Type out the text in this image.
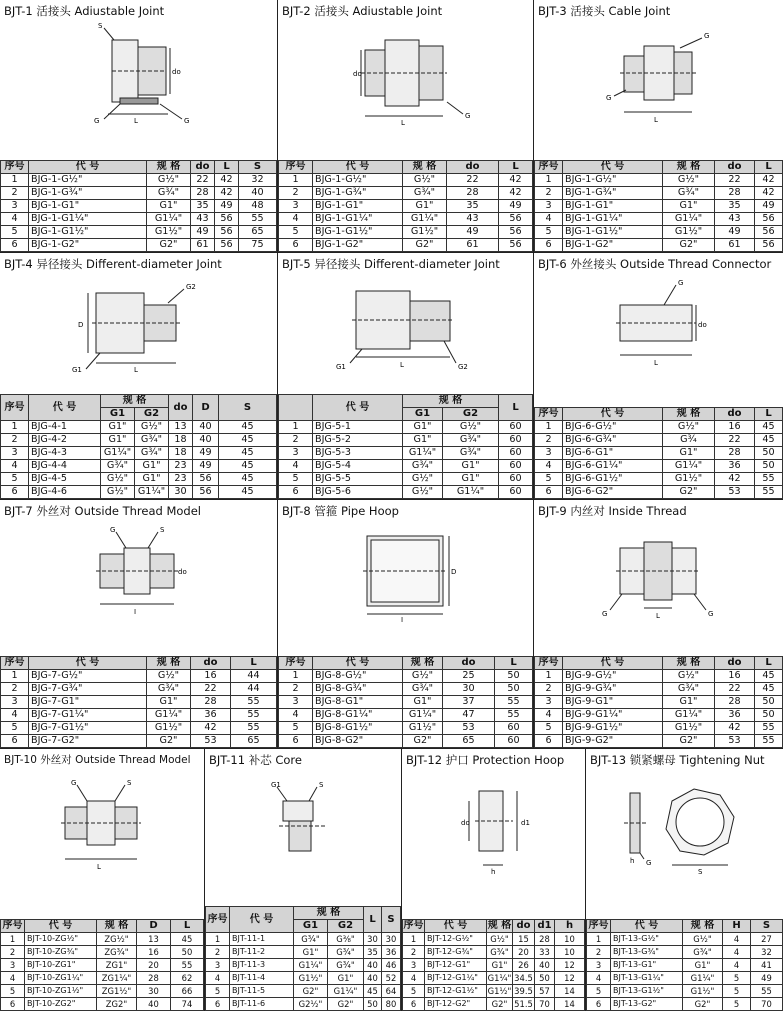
BJT-1 活接头 Adiustable Joint
S
L
do
G	G
序号	代 号	规 格	do	L	S
1	BJG-1-G½"	G½"	22	42	32
2	BJG-1-G¾"	G¾"	28	42	40
3	BJG-1-G1"	G1"	35	49	48
4	BJG-1-G1¼"	G1¼"	43	56	55
5	BJG-1-G1½"	G1½"	49	56	65
6	BJG-1-G2"	G2"	61	56	75
BJT-2 活接头 Adiustable Joint
L
do
G
序号	代 号	规 格	do	L
1	BJG-1-G½"	G½"	22	42
2	BJG-1-G¾"	G¾"	28	42
3	BJG-1-G1"	G1"	35	49
4	BJG-1-G1¼"	G1¼"	43	56
5	BJG-1-G1½"	G1½"	49	56
6	BJG-1-G2"	G2"	61	56
BJT-3 活接头 Cable Joint
L
G
G
序号	代 号	规 格	do	L
1	BJG-1-G½"	G½"	22	42
2	BJG-1-G¾"	G¾"	28	42
3	BJG-1-G1"	G1"	35	49
4	BJG-1-G1¼"	G1¼"	43	56
5	BJG-1-G1½"	G1½"	49	56
6	BJG-1-G2"	G2"	61	56
BJT-4 异径接头 Different-diameter Joint
L
G2
G1
D
序号	代 号	规 格		do	D	S
		G1	G2			
1	BJG-4-1	G1"	G½"	13	40	45
2	BJG-4-2	G1"	G¾"	18	40	45
3	BJG-4-3	G1¼"	G¾"	18	49	45
4	BJG-4-4	G¾"	G1"	23	49	45
5	BJG-4-5	G½"	G1"	23	56	45
6	BJG-4-6	G½"	G1¼"	30	56	45
BJT-5 异径接头 Different-diameter Joint
L
G1	G2
	代 号	规 格		L
		G1	G2	
1	BJG-5-1	G1"	G½"	60
2	BJG-5-2	G1"	G¾"	60
3	BJG-5-3	G1¼"	G¾"	60
4	BJG-5-4	G¾"	G1"	60
5	BJG-5-5	G½"	G1"	60
6	BJG-5-6	G½"	G1¼"	60
BJT-6 外丝接头 Outside Thread Connector
L
G
do
序号	代 号	规 格	do	L
1	BJG-6-G½"	G½"	16	45
2	BJG-6-G¾"	G¾	22	45
3	BJG-6-G1"	G1"	28	50
4	BJG-6-G1¼"	G1¼"	36	50
5	BJG-6-G1½"	G1½"	42	55
6	BJG-6-G2"	G2"	53	55
BJT-7 外丝对 Outside Thread Model
I
G	S
do
序号	代 号	规 格	do	L
1	BJG-7-G½"	G½"	16	44
2	BJG-7-G¾"	G¾"	22	44
3	BJG-7-G1"	G1"	28	55
4	BJG-7-G1¼"	G1¼"	36	55
5	BJG-7-G1½"	G1½"	42	55
6	BJG-7-G2"	G2"	53	65
BJT-8 管箍 Pipe Hoop
I
D
序号	代 号	规 格	do	L
1	BJG-8-G½"	G½"	25	50
2	BJG-8-G¾"	G¾"	30	50
3	BJG-8-G1"	G1"	37	55
4	BJG-8-G1¼"	G1¼"	47	55
5	BJG-8-G1½"	G1½"	53	60
6	BJG-8-G2"	G2"	65	60
BJT-9 内丝对 Inside Thread
L
G	G
序号	代 号	规 格	do	L
1	BJG-9-G½"	G½"	16	45
2	BJG-9-G¾"	G¾"	22	45
3	BJG-9-G1"	G1"	28	50
4	BJG-9-G1¼"	G1¼"	36	50
5	BJG-9-G1½"	G1½"	42	55
6	BJG-9-G2"	G2"	53	55
BJT-10 外丝对 Outside Thread Model
L
G	S
序号	代 号	规 格	D	L
1	BJT-10-ZG½"	ZG½"	13	45
2	BJT-10-ZG¾"	ZG¾"	16	50
3	BJT-10-ZG1"	ZG1"	20	55
4	BJT-10-ZG1¼"	ZG1¼"	28	62
5	BJT-10-ZG1½"	ZG1½"	30	66
6	BJT-10-ZG2"	ZG2"	40	74
BJT-11 补芯 Core
G1	S
序号	代 号	规 格		L	S
		G1	G2		
1	BJT-11-1	G¾"	G⅜"	30	30
2	BJT-11-2	G1"	G¾"	35	36
3	BJT-11-3	G1¼"	G¾"	40	46
4	BJT-11-4	G1½"	G1"	40	52
5	BJT-11-5	G2"	G1¼"	45	64
6	BJT-11-6	G2½"	G2"	50	80
BJT-12 护口 Protection Hoop
do	d1
h
序号	代 号	规 格	do	d1	h
1	BJT-12-G½"	G½"	15	28	10
2	BJT-12-G¾"	G¾"	20	33	10
3	BJT-12-G1"	G1"	26	40	12
4	BJT-12-G1¼"	G1¼"	34.5	50	12
5	BJT-12-G1½"	G1½"	39.5	57	14
6	BJT-12-G2"	G2"	51.5	70	14
BJT-13 锁紧螺母 Tightening Nut
S
G
h
序号	代 号	规 格	H	S
1	BJT-13-G½"	G½"	4	27
2	BJT-13-G¾"	G¾"	4	32
3	BJT-13-G1"	G1"	4	41
4	BJT-13-G1¼"	G1¼"	5	49
5	BJT-13-G1½"	G1½"	5	55
6	BJT-13-G2"	G2"	5	70
